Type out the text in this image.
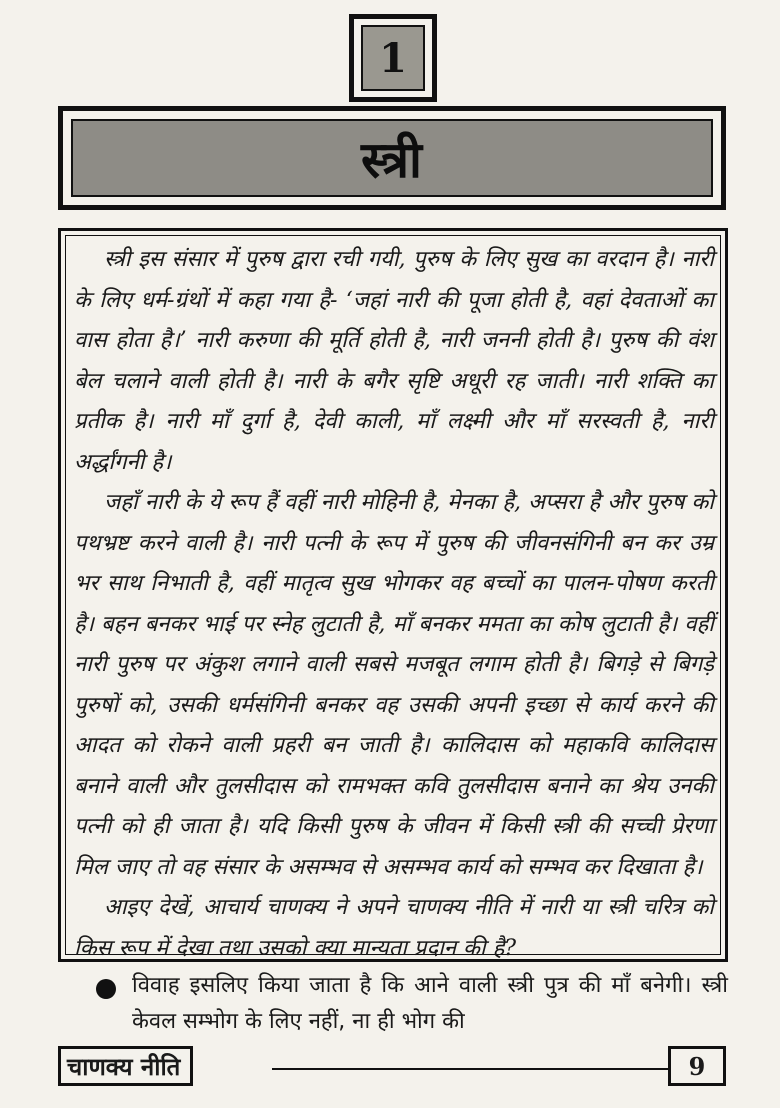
1
स्त्री

स्त्री इस संसार में पुरुष द्वारा रची गयी, पुरुष के लिए सुख का वरदान है। नारी के लिए धर्म-ग्रंथों में कहा गया है- ‘जहां नारी की पूजा होती है, वहां देवताओं का वास होता है।’ नारी करुणा की मूर्ति होती है, नारी जननी होती है। पुरुष की वंश बेल चलाने वाली होती है। नारी के बगैर सृष्टि अधूरी रह जाती। नारी शक्ति का प्रतीक है। नारी माँ दुर्गा है, देवी काली, माँ लक्ष्मी और माँ सरस्वती है, नारी अर्द्धांगनी है।

जहाँ नारी के ये रूप हैं वहीं नारी मोहिनी है, मेनका है, अप्सरा है और पुरुष को पथभ्रष्ट करने वाली है। नारी पत्नी के रूप में पुरुष की जीवनसंगिनी बन कर उम्र भर साथ निभाती है, वहीं मातृत्व सुख भोगकर वह बच्चों का पालन-पोषण करती है। बहन बनकर भाई पर स्नेह लुटाती है, माँ बनकर ममता का कोष लुटाती है। वहीं नारी पुरुष पर अंकुश लगाने वाली सबसे मजबूत लगाम होती है। बिगड़े से बिगड़े पुरुषों को, उसकी धर्मसंगिनी बनकर वह उसकी अपनी इच्छा से कार्य करने की आदत को रोकने वाली प्रहरी बन जाती है। कालिदास को महाकवि कालिदास बनाने वाली और तुलसीदास को रामभक्त कवि तुलसीदास बनाने का श्रेय उनकी पत्नी को ही जाता है। यदि किसी पुरुष के जीवन में किसी स्त्री की सच्ची प्रेरणा मिल जाए तो वह संसार के असम्भव से असम्भव कार्य को सम्भव कर दिखाता है।

आइए देखें, आचार्य चाणक्य ने अपने चाणक्य नीति में नारी या स्त्री चरित्र को किस रूप में देखा तथा उसको क्या मान्यता प्रदान की है?

विवाह इसलिए किया जाता है कि आने वाली स्त्री पुत्र की माँ बनेगी। स्त्री केवल सम्भोग के लिए नहीं, ना ही भोग की

चाणक्य नीति	9
